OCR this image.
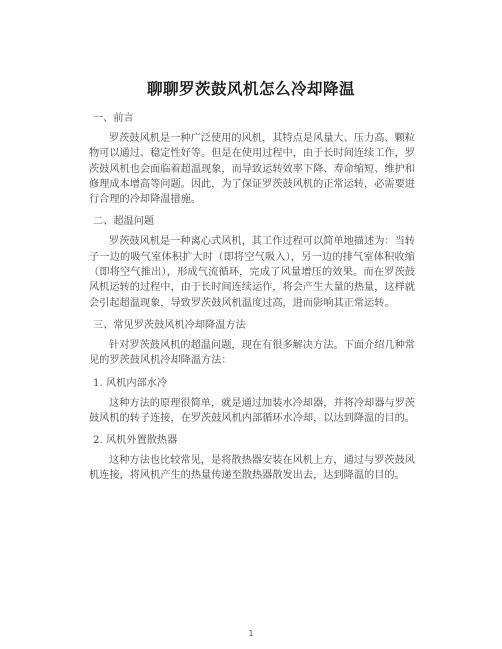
聊聊罗茨鼓风机怎么冷却降温
一、前言

罗茨鼓风机是一种广泛使用的风机，其特点是风量大、压力高、颗粒物可以通过、稳定性好等。但是在使用过程中，由于长时间连续工作，罗茨鼓风机也会面临着超温现象，而导致运转效率下降、寿命缩短、维护和修理成本增高等问题。因此，为了保证罗茨鼓风机的正常运转，必需要进行合理的冷却降温措施。

二、超温问题

罗茨鼓风机是一种离心式风机，其工作过程可以简单地描述为：当转子一边的吸气室体积扩大时（即将空气吸入），另一边的排气室体积收缩（即将空气推出），形成气流循环，完成了风量增压的效果。而在罗茨鼓风机运转的过程中，由于长时间连续运作，将会产生大量的热量，这样就会引起超温现象，导致罗茨鼓风机温度过高，进而影响其正常运转。

三、常见罗茨鼓风机冷却降温方法

针对罗茨鼓风机的超温问题，现在有很多解决方法。下面介绍几种常见的罗茨鼓风机冷却降温方法：

1. 风机内部水冷

这种方法的原理很简单，就是通过加装水冷却器，并将冷却器与罗茨鼓风机的转子连接，在罗茨鼓风机内部循环水冷却，以达到降温的目的。

2. 风机外置散热器

这种方法也比较常见，是将散热器安装在风机上方，通过与罗茨鼓风机连接，将风机产生的热量传递至散热器散发出去，达到降温的目的。

1
